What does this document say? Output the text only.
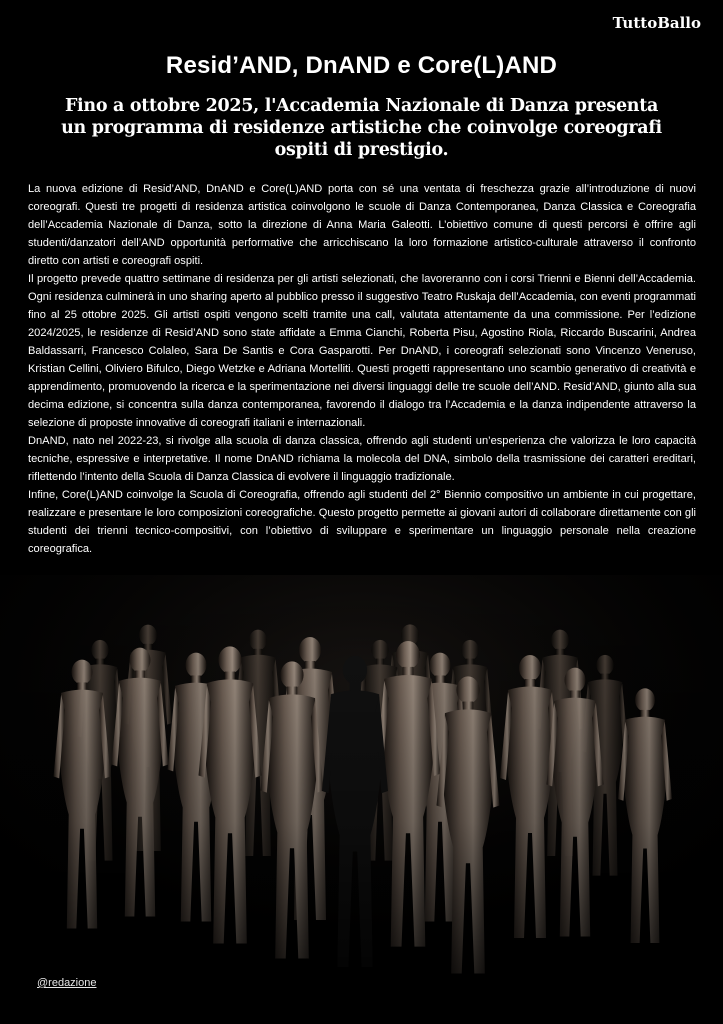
TuttoBallo
Resid’AND, DnAND e Core(L)AND
Fino a ottobre 2025, l'Accademia Nazionale di Danza presenta un programma di residenze artistiche che coinvolge coreografi ospiti di prestigio.

La nuova edizione di Resid’AND, DnAND e Core(L)AND porta con sé una ventata di freschezza grazie all’introduzione di nuovi coreografi. Questi tre progetti di residenza artistica coinvolgono le scuole di Danza Contemporanea, Danza Classica e Coreografia dell’Accademia Nazionale di Danza, sotto la direzione di Anna Maria Galeotti. L’obiettivo comune di questi percorsi è offrire agli studenti/danzatori dell’AND opportunità performative che arricchiscano la loro formazione artistico-culturale attraverso il confronto diretto con artisti e coreografi ospiti.

Il progetto prevede quattro settimane di residenza per gli artisti selezionati, che lavoreranno con i corsi Trienni e Bienni dell’Accademia. Ogni residenza culminerà in uno sharing aperto al pubblico presso il suggestivo Teatro Ruskaja dell’Accademia, con eventi programmati fino al 25 ottobre 2025. Gli artisti ospiti vengono scelti tramite una call, valutata attentamente da una commissione. Per l’edizione 2024/2025, le residenze di Resid’AND sono state affidate a Emma Cianchi, Roberta Pisu, Agostino Riola, Riccardo Buscarini, Andrea Baldassarri, Francesco Colaleo, Sara De Santis e Cora Gasparotti. Per DnAND, i coreografi selezionati sono Vincenzo Veneruso, Kristian Cellini, Oliviero Bifulco, Diego Wetzke e Adriana Mortelliti. Questi progetti rappresentano uno scambio generativo di creatività e apprendimento, promuovendo la ricerca e la sperimentazione nei diversi linguaggi delle tre scuole dell’AND. Resid’AND, giunto alla sua decima edizione, si concentra sulla danza contemporanea, favorendo il dialogo tra l’Accademia e la danza indipendente attraverso la selezione di proposte innovative di coreografi italiani e internazionali.

DnAND, nato nel 2022-23, si rivolge alla scuola di danza classica, offrendo agli studenti un’esperienza che valorizza le loro capacità tecniche, espressive e interpretative. Il nome DnAND richiama la molecola del DNA, simbolo della trasmissione dei caratteri ereditari, riflettendo l’intento della Scuola di Danza Classica di evolvere il linguaggio tradizionale.

Infine, Core(L)AND coinvolge la Scuola di Coreografia, offrendo agli studenti del 2° Biennio compositivo un ambiente in cui progettare, realizzare e presentare le loro composizioni coreografiche. Questo progetto permette ai giovani autori di collaborare direttamente con gli studenti dei trienni tecnico-compositivi, con l’obiettivo di sviluppare e sperimentare un linguaggio personale nella creazione coreografica.

@redazione
